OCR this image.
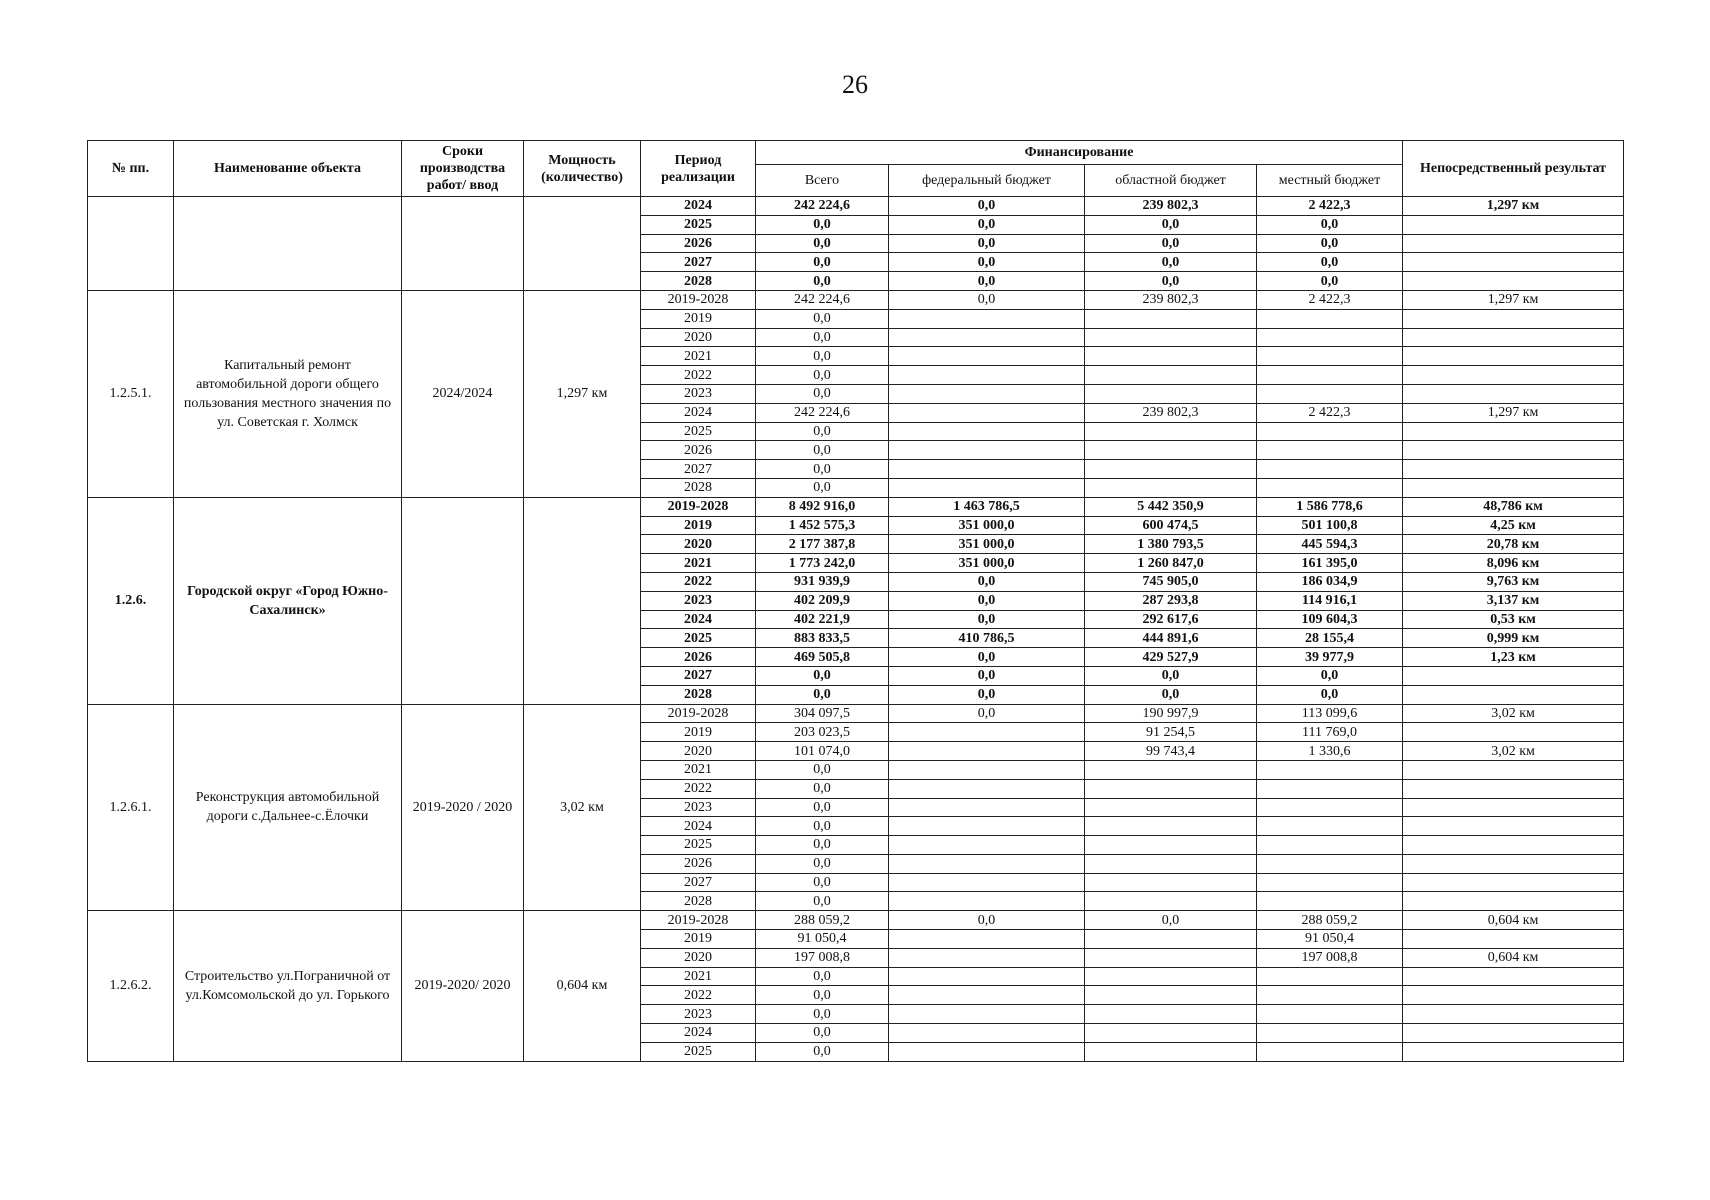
26
№ пп.	Наименование объекта	Сроки производства работ/ ввод	Мощность (количество)	Период реализации	Финансирование				Непосредственный результат
					Всего	федеральный бюджет	областной бюджет	местный бюджет	
				2024	242 224,6	0,0	239 802,3	2 422,3	1,297 км
				2025	0,0	0,0	0,0	0,0	
				2026	0,0	0,0	0,0	0,0	
				2027	0,0	0,0	0,0	0,0	
				2028	0,0	0,0	0,0	0,0	
1.2.5.1.	Капитальный ремонт автомобильной дороги общего пользования местного значения по ул. Советская г. Холмск	2024/2024	1,297 км	2019-2028	242 224,6	0,0	239 802,3	2 422,3	1,297 км
				2019	0,0				
				2020	0,0				
				2021	0,0				
				2022	0,0				
				2023	0,0				
				2024	242 224,6		239 802,3	2 422,3	1,297 км
				2025	0,0				
				2026	0,0				
				2027	0,0				
				2028	0,0				
1.2.6.	Городской округ «Город Южно-Сахалинск»			2019-2028	8 492 916,0	1 463 786,5	5 442 350,9	1 586 778,6	48,786 км
				2019	1 452 575,3	351 000,0	600 474,5	501 100,8	4,25 км
				2020	2 177 387,8	351 000,0	1 380 793,5	445 594,3	20,78 км
				2021	1 773 242,0	351 000,0	1 260 847,0	161 395,0	8,096 км
				2022	931 939,9	0,0	745 905,0	186 034,9	9,763 км
				2023	402 209,9	0,0	287 293,8	114 916,1	3,137 км
				2024	402 221,9	0,0	292 617,6	109 604,3	0,53 км
				2025	883 833,5	410 786,5	444 891,6	28 155,4	0,999 км
				2026	469 505,8	0,0	429 527,9	39 977,9	1,23 км
				2027	0,0	0,0	0,0	0,0	
				2028	0,0	0,0	0,0	0,0	
1.2.6.1.	Реконструкция автомобильной дороги с.Дальнее-с.Ёлочки	2019-2020 / 2020	3,02 км	2019-2028	304 097,5	0,0	190 997,9	113 099,6	3,02 км
				2019	203 023,5		91 254,5	111 769,0	
				2020	101 074,0		99 743,4	1 330,6	3,02 км
				2021	0,0				
				2022	0,0				
				2023	0,0				
				2024	0,0				
				2025	0,0				
				2026	0,0				
				2027	0,0				
				2028	0,0				
1.2.6.2.	Строительство ул.Пограничной от ул.Комсомольской до ул. Горького	2019-2020/ 2020	0,604 км	2019-2028	288 059,2	0,0	0,0	288 059,2	0,604 км
				2019	91 050,4			91 050,4	
				2020	197 008,8			197 008,8	0,604 км
				2021	0,0				
				2022	0,0				
				2023	0,0				
				2024	0,0				
				2025	0,0				
